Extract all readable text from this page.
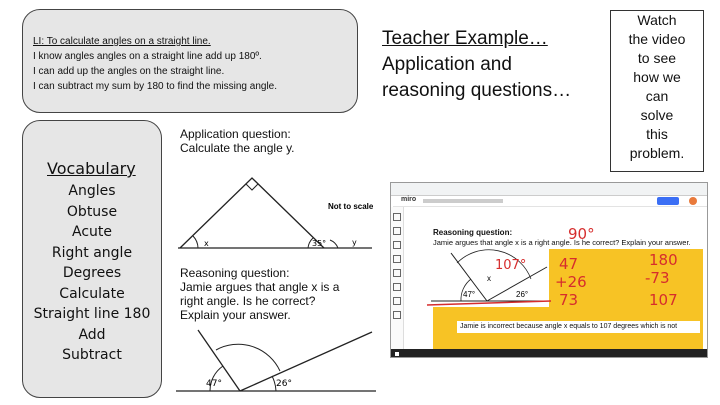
LI: To calculate angles on a straight line.
I know angles angles on a straight line add up 180º.
I can add up the angles on the straight line.
I can subtract my sum by 180 to find the missing angle.
Vocabulary
Angles
Obtuse
Acute
Right angle
Degrees
Calculate
Straight line 180
Add
Subtract
Application question:
Calculate the angle y.
x	35°	y
Not to scale
Reasoning question:
Jamie argues that angle x is a
right angle. Is he correct?
Explain your answer.
47°	26°
Teacher Example…
Application and
reasoning questions…
Watch
the video
to see
how we
can
solve
this
problem.
miro
Reasoning question:
Jamie argues that angle x is a right angle. Is he correct? Explain your answer.
Jamie is incorrect because angle x equals to 107 degrees which is not
47°	26°
x
107°
90°
47
+26
73
180
-73
107
